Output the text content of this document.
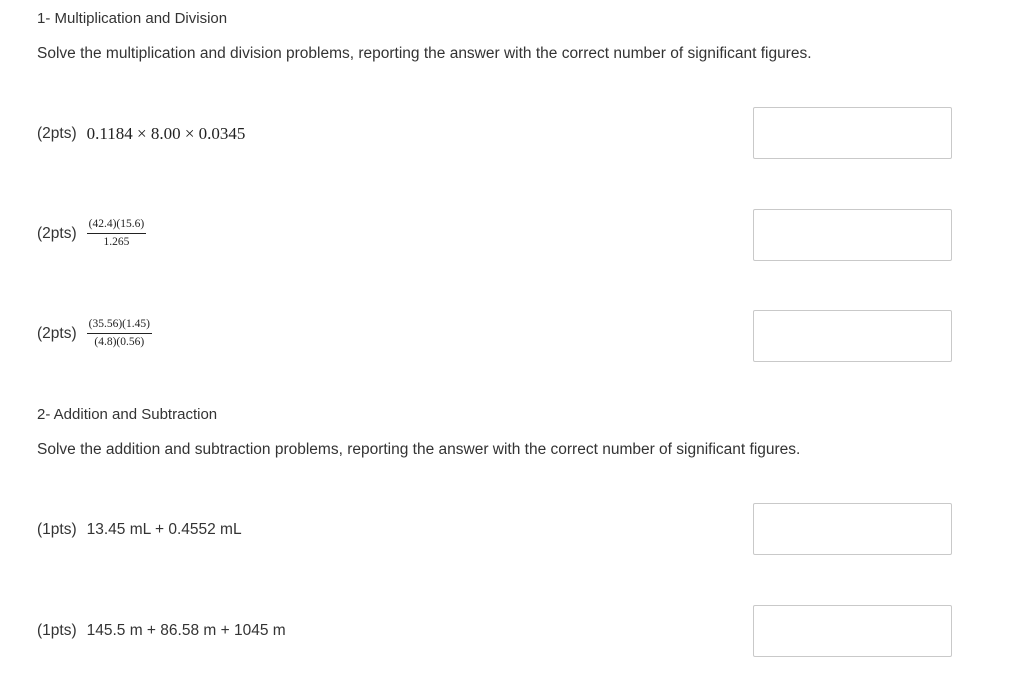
1- Multiplication and Division
Solve the multiplication and division problems, reporting the answer with the correct number of significant figures.
(2pts) 0.1184 × 8.00 × 0.0345
$(2pts) \frac{(42.4)(15.6)}{1.265}$
$(2pts) \frac{(35.56)(1.45)}{(4.8)(0.56)}$
2- Addition and Subtraction
Solve the addition and subtraction problems, reporting the answer with the correct number of significant figures.
(1pts) 13.45 mL + 0.4552 mL
(1pts) 145.5 m + 86.58 m + 1045 m
